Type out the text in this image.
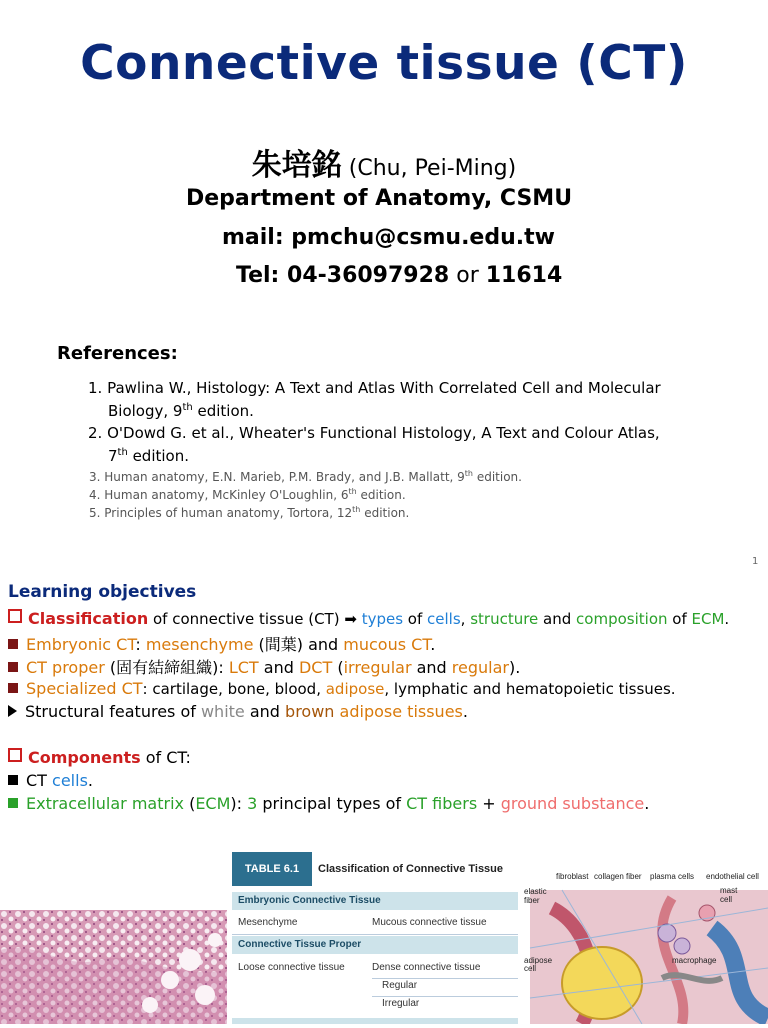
Connective tissue (CT)
朱培銘 (Chu, Pei-Ming)
Department of Anatomy, CSMU
mail: pmchu@csmu.edu.tw
Tel: 04-36097928 or 11614
References:
1. Pawlina W., Histology: A Text and Atlas With Correlated Cell and Molecular
Biology, 9th edition.
2. O'Dowd G. et al., Wheater's Functional Histology, A Text and Colour Atlas,
7th edition.
3. Human anatomy, E.N. Marieb, P.M. Brady, and J.B. Mallatt, 9th edition.
4. Human anatomy, McKinley O'Loughlin, 6th edition.
5. Principles of human anatomy, Tortora, 12th edition.
1
Learning objectives
Classification of connective tissue (CT) ➡ types of cells, structure and composition of ECM.
Embryonic CT: mesenchyme (間葉) and mucous CT.
CT proper (固有結締組織): LCT and DCT (irregular and regular).
Specialized CT: cartilage, bone, blood, adipose, lymphatic and hematopoietic tissues.
Structural features of white and brown adipose tissues.
Components of CT:
CT cells.
Extracellular matrix (ECM): 3 principal types of CT fibers + ground substance.
TABLE 6.1	Classification of Connective Tissue
Embryonic Connective Tissue
Mesenchyme	Mucous connective tissue
Connective Tissue Proper
Loose connective tissue	Dense connective tissue
Regular
Irregular
fibroblast collagen fiber plasma cells endothelial cell
elastic
fiber
mast
cell
adipose
cell
macrophage
